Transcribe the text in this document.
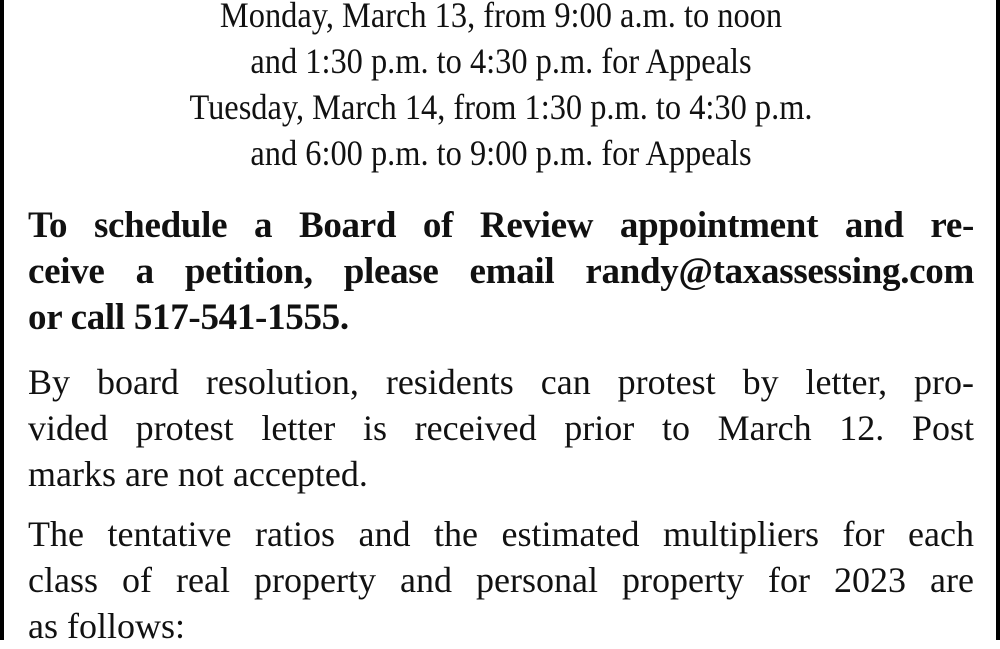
Monday, March 13, from 9:00 a.m. to noon
and 1:30 p.m. to 4:30 p.m. for Appeals
Tuesday, March 14, from 1:30 p.m. to 4:30 p.m.
and 6:00 p.m. to 9:00 p.m. for Appeals
To schedule a Board of Review appointment and re-
ceive a petition, please email randy@taxassessing.com
or call 517-541-1555.
By board resolution, residents can protest by letter, pro-
vided protest letter is received prior to March 12. Post
marks are not accepted.
The tentative ratios and the estimated multipliers for each
class of real property and personal property for 2023 are
as follows:
